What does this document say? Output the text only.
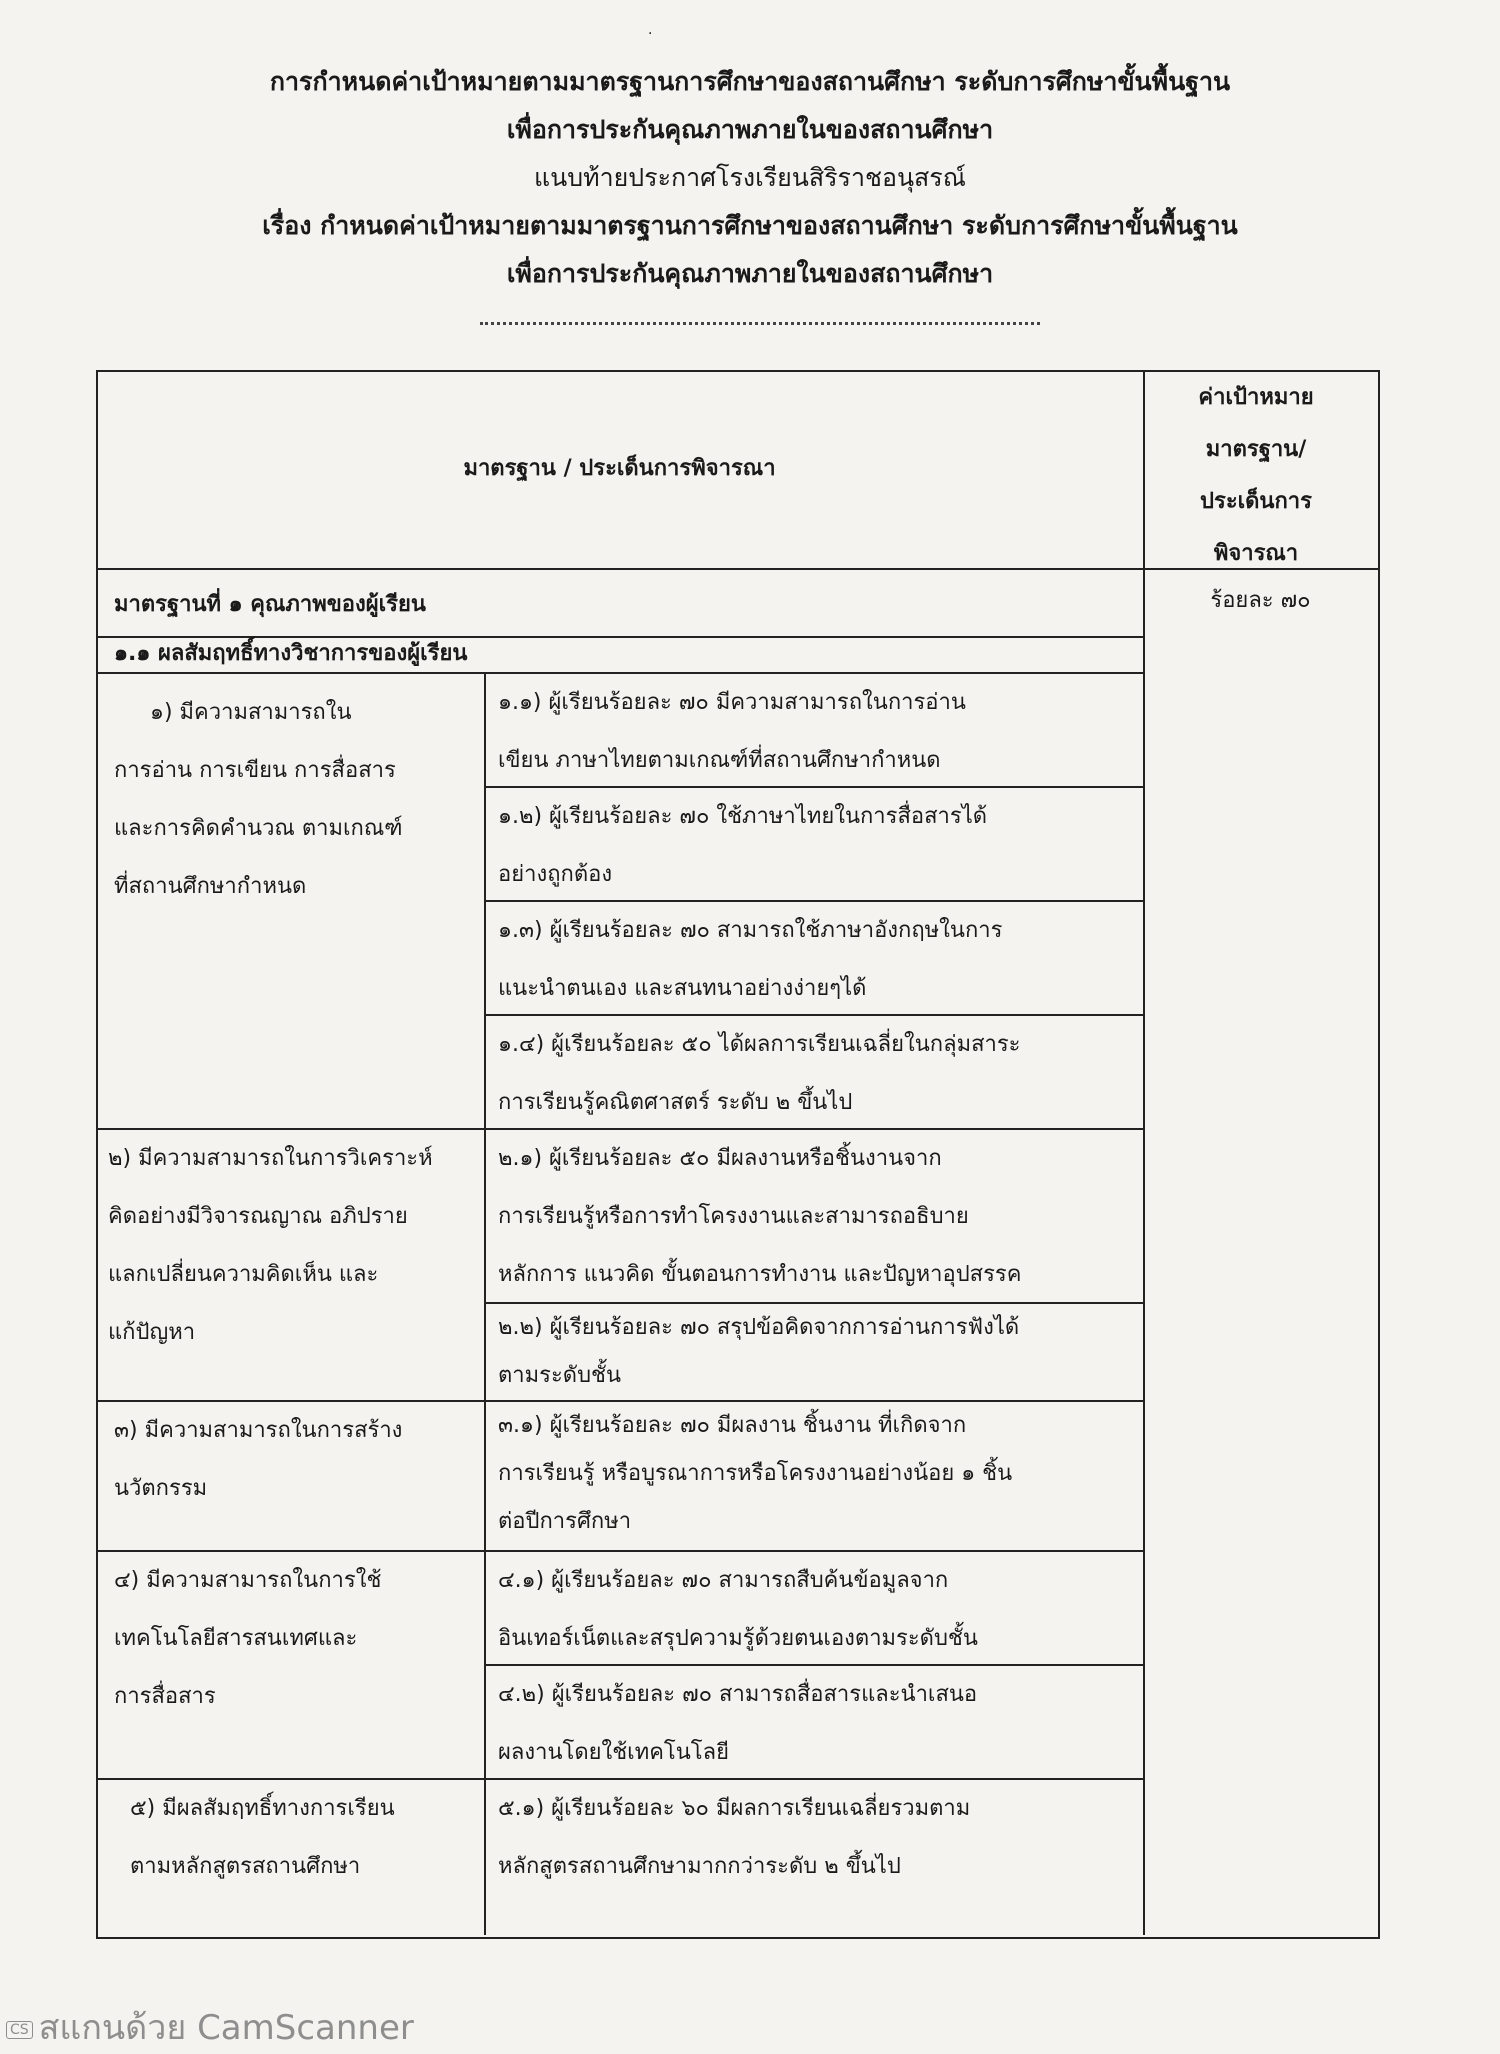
.
การกำหนดค่าเป้าหมายตามมาตรฐานการศึกษาของสถานศึกษา ระดับการศึกษาขั้นพื้นฐาน
เพื่อการประกันคุณภาพภายในของสถานศึกษา
แนบท้ายประกาศโรงเรียนสิริราชอนุสรณ์
เรื่อง กำหนดค่าเป้าหมายตามมาตรฐานการศึกษาของสถานศึกษา ระดับการศึกษาขั้นพื้นฐาน
เพื่อการประกันคุณภาพภายในของสถานศึกษา
มาตรฐาน / ประเด็นการพิจารณา
ค่าเป้าหมาย
มาตรฐาน/
ประเด็นการ
พิจารณา
มาตรฐานที่ ๑ คุณภาพของผู้เรียน	ร้อยละ ๗๐
๑.๑ ผลสัมฤทธิ์ทางวิชาการของผู้เรียน
๑) มีความสามารถใน
การอ่าน การเขียน การสื่อสาร
และการคิดคำนวณ ตามเกณฑ์
ที่สถานศึกษากำหนด
๑.๑) ผู้เรียนร้อยละ ๗๐ มีความสามารถในการอ่าน
เขียน ภาษาไทยตามเกณฑ์ที่สถานศึกษากำหนด
๑.๒) ผู้เรียนร้อยละ ๗๐ ใช้ภาษาไทยในการสื่อสารได้
อย่างถูกต้อง
๑.๓) ผู้เรียนร้อยละ ๗๐ สามารถใช้ภาษาอังกฤษในการ
แนะนำตนเอง และสนทนาอย่างง่ายๆได้
๑.๔) ผู้เรียนร้อยละ ๕๐ ได้ผลการเรียนเฉลี่ยในกลุ่มสาระ
การเรียนรู้คณิตศาสตร์ ระดับ ๒ ขึ้นไป
๒) มีความสามารถในการวิเคราะห์
คิดอย่างมีวิจารณญาณ อภิปราย
แลกเปลี่ยนความคิดเห็น และ
แก้ปัญหา
๒.๑) ผู้เรียนร้อยละ ๕๐ มีผลงานหรือชิ้นงานจาก
การเรียนรู้หรือการทำโครงงานและสามารถอธิบาย
หลักการ แนวคิด ขั้นตอนการทำงาน และปัญหาอุปสรรค
๒.๒) ผู้เรียนร้อยละ ๗๐ สรุปข้อคิดจากการอ่านการฟังได้
ตามระดับชั้น
๓) มีความสามารถในการสร้าง
นวัตกรรม
๓.๑) ผู้เรียนร้อยละ ๗๐ มีผลงาน ชิ้นงาน ที่เกิดจาก
การเรียนรู้ หรือบูรณาการหรือโครงงานอย่างน้อย ๑ ชิ้น
ต่อปีการศึกษา
๔) มีความสามารถในการใช้
เทคโนโลยีสารสนเทศและ
การสื่อสาร
๔.๑) ผู้เรียนร้อยละ ๗๐ สามารถสืบค้นข้อมูลจาก
อินเทอร์เน็ตและสรุปความรู้ด้วยตนเองตามระดับชั้น
๔.๒) ผู้เรียนร้อยละ ๗๐ สามารถสื่อสารและนำเสนอ
ผลงานโดยใช้เทคโนโลยี
๕) มีผลสัมฤทธิ์ทางการเรียน
ตามหลักสูตรสถานศึกษา
๕.๑) ผู้เรียนร้อยละ ๖๐ มีผลการเรียนเฉลี่ยรวมตาม
หลักสูตรสถานศึกษามากกว่าระดับ ๒ ขึ้นไป
CS สแกนด้วย CamScanner
